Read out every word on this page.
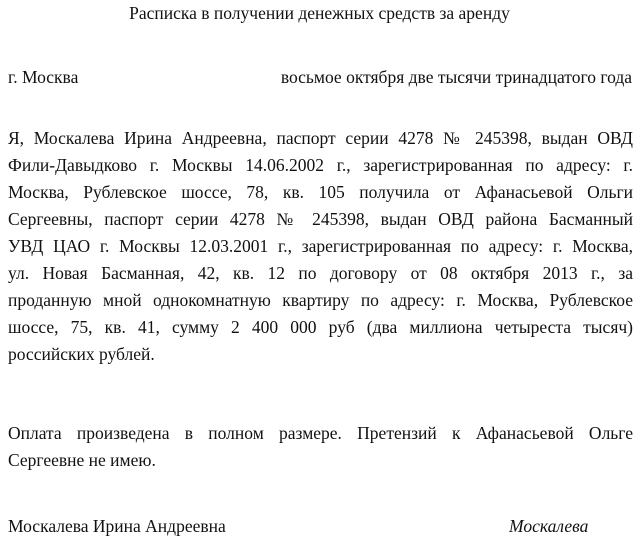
Расписка в получении денежных средств за аренду
г. Москва	восьмое октября две тысячи тринадцатого года
Я, Москалева Ирина Андреевна, паспорт серии 4278 № 245398, выдан ОВД
Фили-Давыдково г. Москвы 14.06.2002 г., зарегистрированная по адресу: г.
Москва, Рублевское шоссе, 78, кв. 105 получила от Афанасьевой Ольги
Сергеевны, паспорт серии 4278 № 245398, выдан ОВД района Басманный
УВД ЦАО г. Москвы 12.03.2001 г., зарегистрированная по адресу: г. Москва,
ул. Новая Басманная, 42, кв. 12 по договору от 08 октября 2013 г., за
проданную мной однокомнатную квартиру по адресу: г. Москва, Рублевское
шоссе, 75, кв. 41, сумму 2 400 000 руб (два миллиона четыреста тысяч)
российских рублей.
Оплата произведена в полном размере. Претензий к Афанасьевой Ольге
Сергеевне не имею.
Москалева Ирина Андреевна	Москалева
